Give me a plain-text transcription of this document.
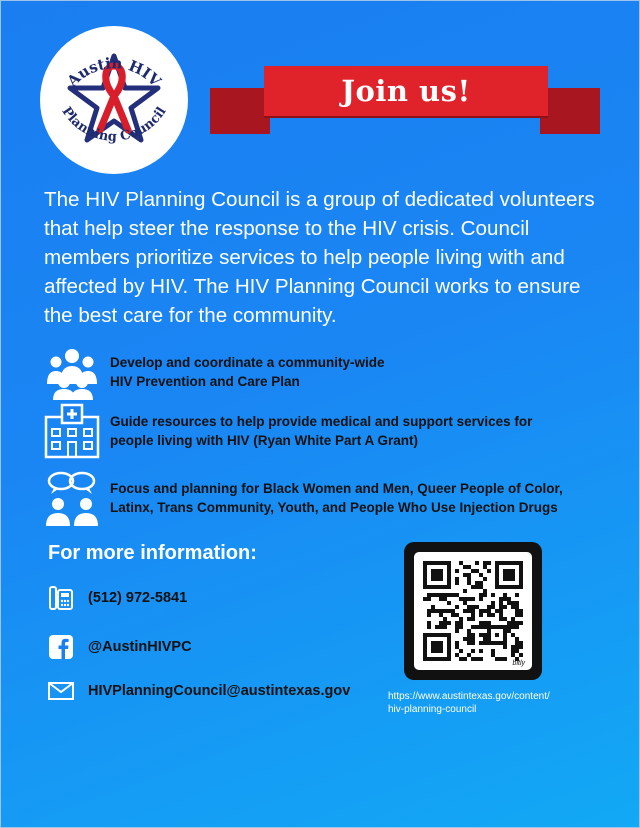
Austin HIV
Planning Council
Join us!

The HIV Planning Council is a group of dedicated volunteers that help steer the response to the HIV crisis. Council members prioritize services to help people living with and affected by HIV. The HIV Planning Council works to ensure the best care for the community.

Develop and coordinate a community-wide
HIV Prevention and Care Plan
Guide resources to help provide medical and support services for
people living with HIV (Ryan White Part A Grant)
Focus and planning for Black Women and Men, Queer People of Color,
Latinx, Trans Community, Youth, and People Who Use Injection Drugs

For more information:

(512) 972-5841
@AustinHIVPC
HIVPlanningCouncil@austintexas.gov
bitly
https://www.austintexas.gov/content/
hiv-planning-council
